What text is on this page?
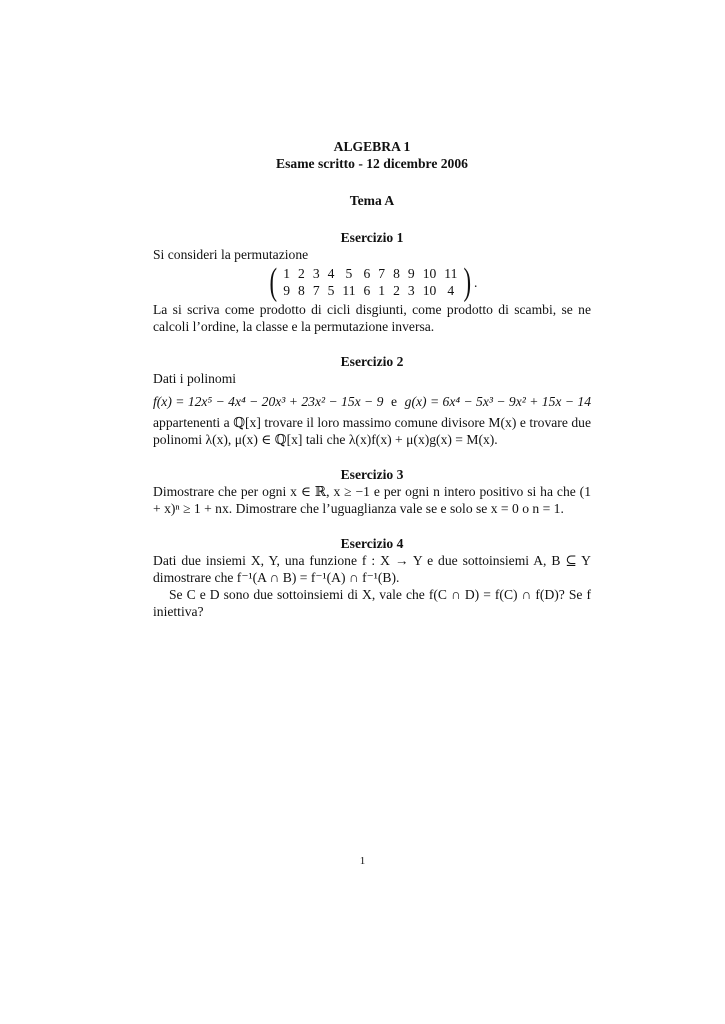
ALGEBRA 1
Esame scritto - 12 dicembre 2006
Tema A
Esercizio 1
Si consideri la permutazione
( 1	2	3	4	5	6	7	8	9	10	11
9	8	7	5	11	6	1	2	3	10	4 ) .
La si scriva come prodotto di cicli disgiunti, come prodotto di scambi, se ne calcoli l’ordine, la classe e la permutazione inversa.
Esercizio 2
Dati i polinomi
f(x) = 12x⁵ − 4x⁴ − 20x³ + 23x² − 15x − 9 e g(x) = 6x⁴ − 5x³ − 9x² + 15x − 14
appartenenti a ℚ[x] trovare il loro massimo comune divisore M(x) e trovare due polinomi λ(x), μ(x) ∈ ℚ[x] tali che λ(x)f(x) + μ(x)g(x) = M(x).
Esercizio 3
Dimostrare che per ogni x ∈ ℝ, x ≥ −1 e per ogni n intero positivo si ha che (1 + x)ⁿ ≥ 1 + nx. Dimostrare che l’uguaglianza vale se e solo se x = 0 o n = 1.
Esercizio 4
Dati due insiemi X, Y, una funzione f : X → Y e due sottoinsiemi A, B ⊆ Y dimostrare che f⁻¹(A ∩ B) = f⁻¹(A) ∩ f⁻¹(B).
Se C e D sono due sottoinsiemi di X, vale che f(C ∩ D) = f(C) ∩ f(D)? Se f iniettiva?
1
